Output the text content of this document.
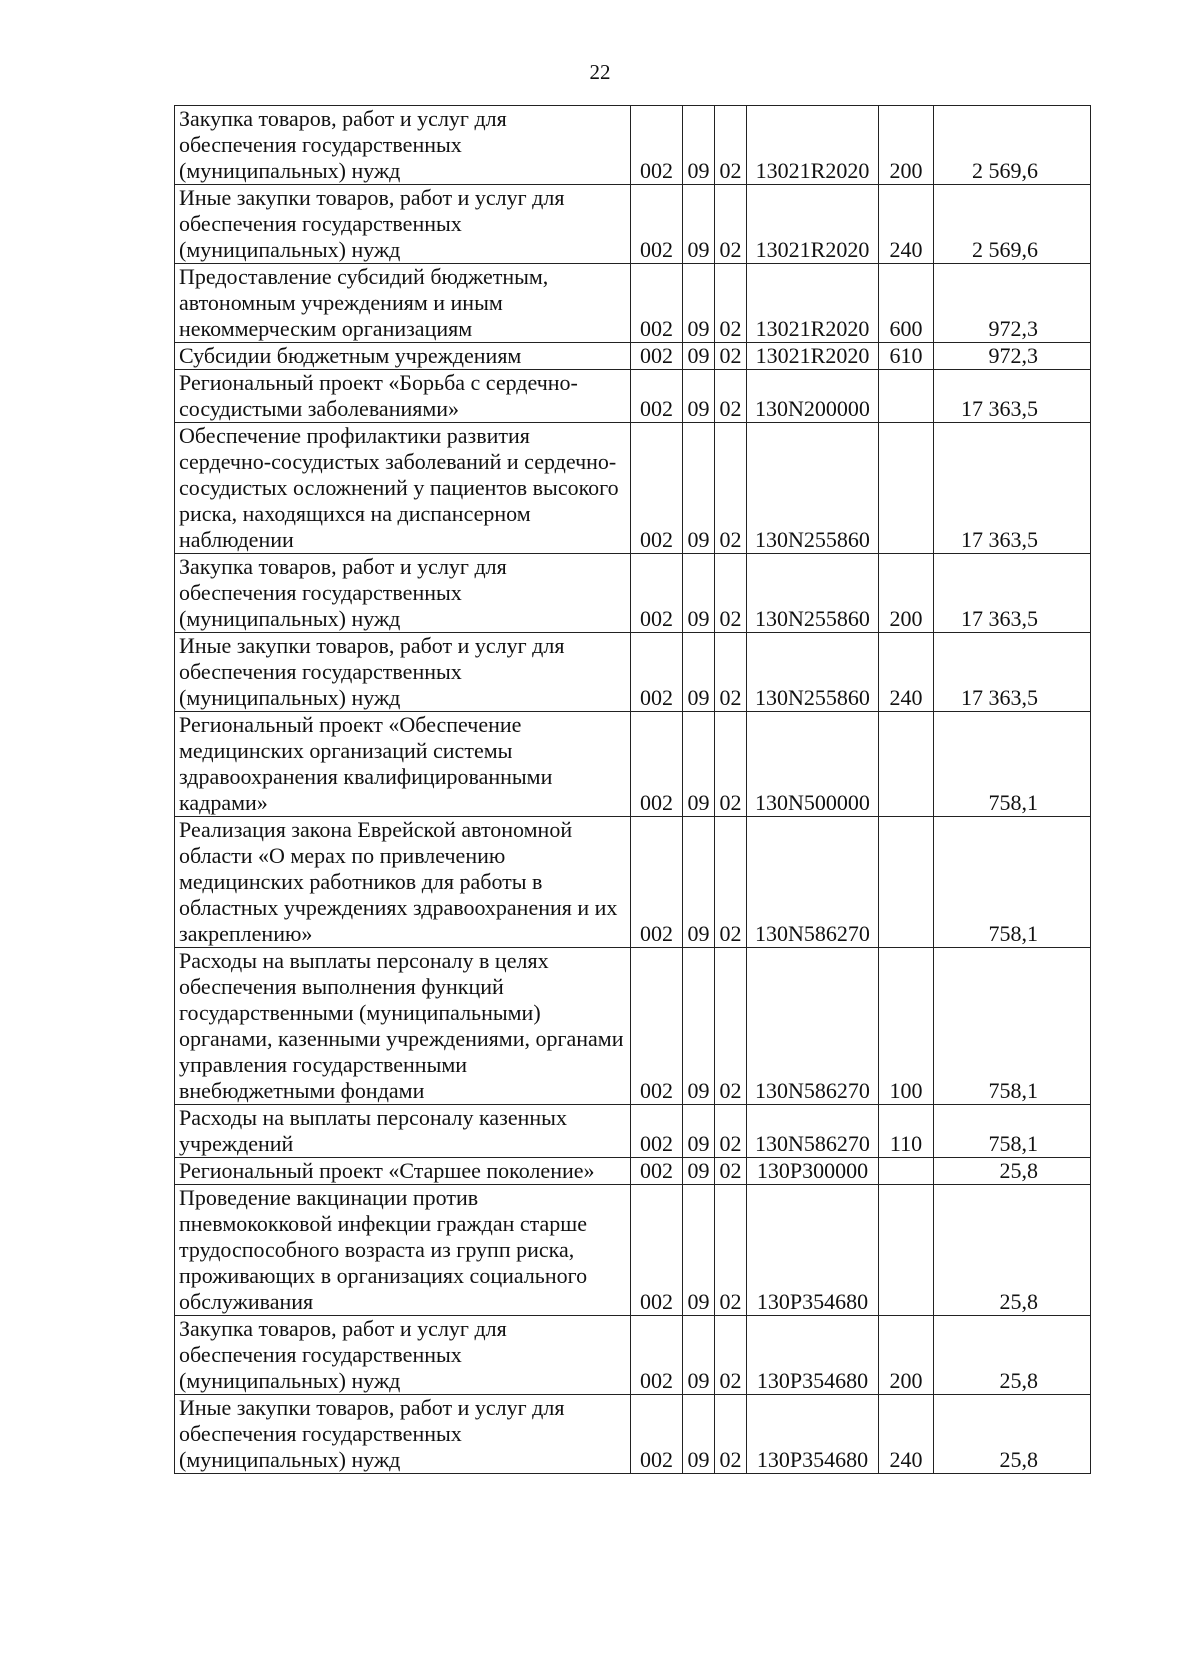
22
Закупка товаров, работ и услуг для обеспечения государственных (муниципальных) нужд	002	09	02	13021R2020	200	2 569,6
Иные закупки товаров, работ и услуг для обеспечения государственных (муниципальных) нужд	002	09	02	13021R2020	240	2 569,6
Предоставление субсидий бюджетным, автономным учреждениям и иным некоммерческим организациям	002	09	02	13021R2020	600	972,3
Субсидии бюджетным учреждениям	002	09	02	13021R2020	610	972,3
Региональный проект «Борьба с сердечно-сосудистыми заболеваниями»	002	09	02	130N200000		17 363,5
Обеспечение профилактики развития сердечно-сосудистых заболеваний и сердечно-сосудистых осложнений у пациентов высокого риска, находящихся на диспансерном наблюдении	002	09	02	130N255860		17 363,5
Закупка товаров, работ и услуг для обеспечения государственных (муниципальных) нужд	002	09	02	130N255860	200	17 363,5
Иные закупки товаров, работ и услуг для обеспечения государственных (муниципальных) нужд	002	09	02	130N255860	240	17 363,5
Региональный проект «Обеспечение медицинских организаций системы здравоохранения квалифицированными кадрами»	002	09	02	130N500000		758,1
Реализация закона Еврейской автономной области «О мерах по привлечению медицинских работников для работы в областных учреждениях здравоохранения и их закреплению»	002	09	02	130N586270		758,1
Расходы на выплаты персоналу в целях обеспечения выполнения функций государственными (муниципальными) органами, казенными учреждениями, органами управления государственными внебюджетными фондами	002	09	02	130N586270	100	758,1
Расходы на выплаты персоналу казенных учреждений	002	09	02	130N586270	110	758,1
Региональный проект «Старшее поколение»	002	09	02	130P300000		25,8
Проведение вакцинации против пневмококковой инфекции граждан старше трудоспособного возраста из групп риска, проживающих в организациях социального обслуживания	002	09	02	130P354680		25,8
Закупка товаров, работ и услуг для обеспечения государственных (муниципальных) нужд	002	09	02	130P354680	200	25,8
Иные закупки товаров, работ и услуг для обеспечения государственных (муниципальных) нужд	002	09	02	130P354680	240	25,8
